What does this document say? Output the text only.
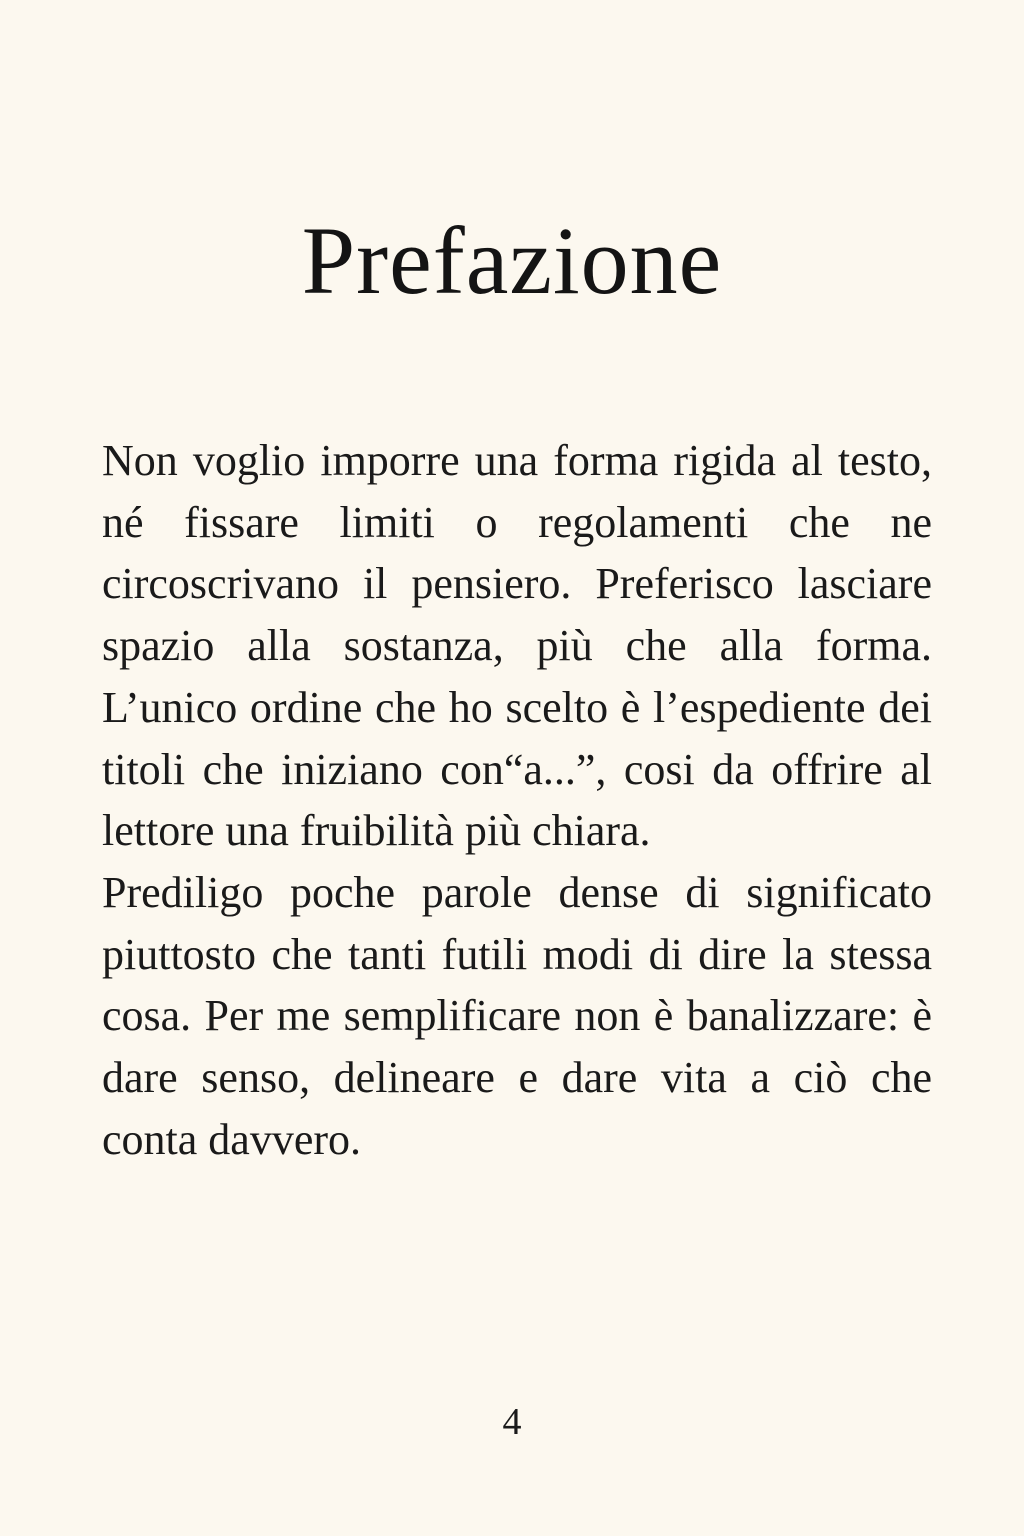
Prefazione

Non voglio imporre una forma rigida al testo, né fissare limiti o regolamenti che ne circoscrivano il pensiero. Preferisco lasciare spazio alla sostanza, più che alla forma. L’unico ordine che ho scelto è l’espediente dei titoli che iniziano con“a...”, cosi da offrire al lettore una fruibilità più chiara.

Prediligo poche parole dense di significato piuttosto che tanti futili modi di dire la stessa cosa. Per me semplificare non è banalizzare: è dare senso, delineare e dare vita a ciò che conta davvero.

4
